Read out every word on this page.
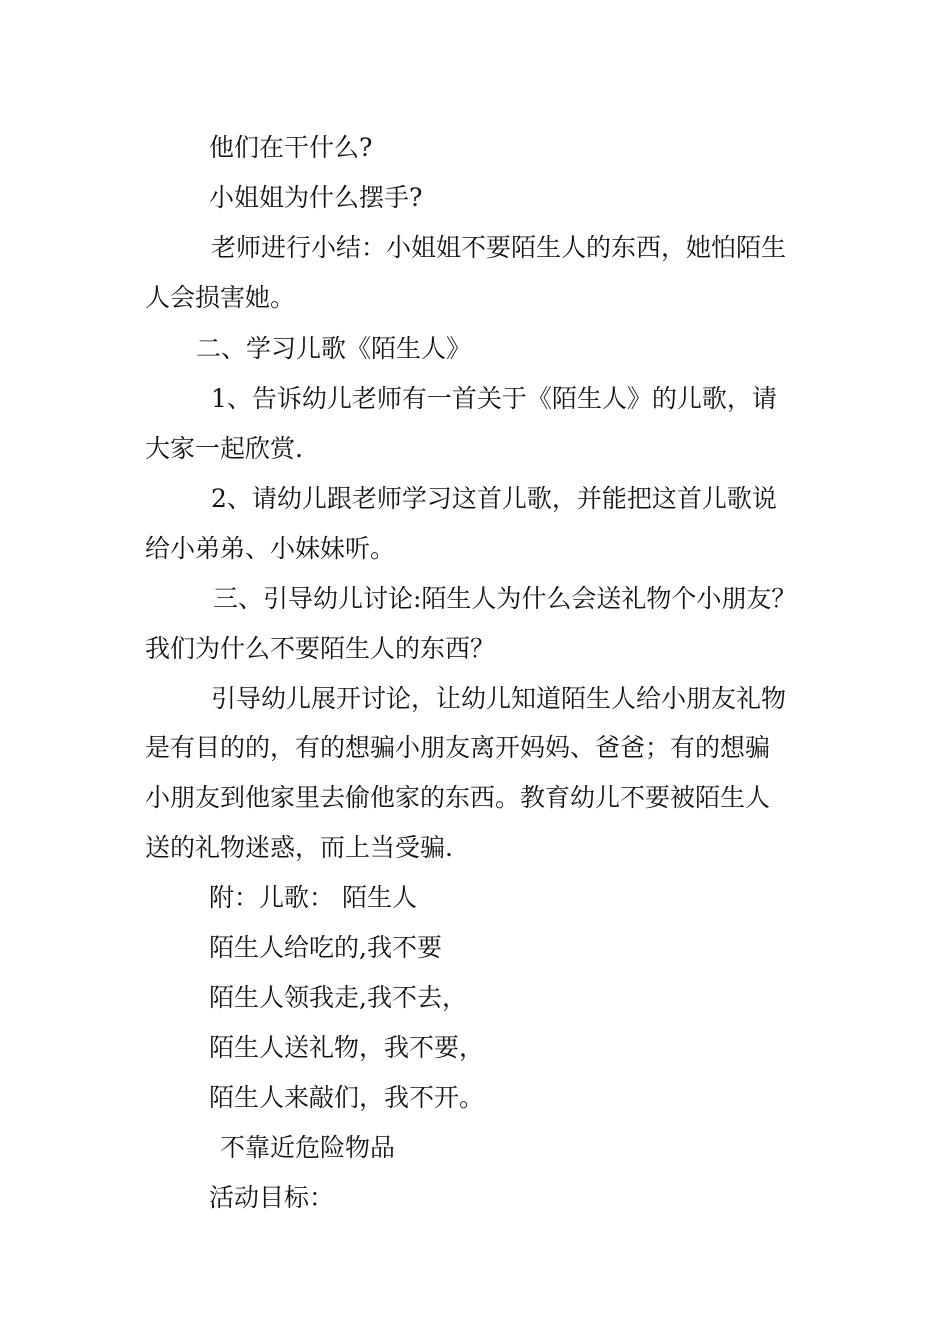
他们在干什么?
小姐姐为什么摆手?
老师进行小结：小姐姐不要陌生人的东西，她怕陌生
人会损害她。
二、学习儿歌《陌生人》
1、告诉幼儿老师有一首关于《陌生人》的儿歌，请
大家一起欣赏.
2、请幼儿跟老师学习这首儿歌，并能把这首儿歌说
给小弟弟、小妹妹听。
三、引导幼儿讨论:陌生人为什么会送礼物个小朋友？
我们为什么不要陌生人的东西？
引导幼儿展开讨论，让幼儿知道陌生人给小朋友礼物
是有目的的，有的想骗小朋友离开妈妈、爸爸；有的想骗
小朋友到他家里去偷他家的东西。教育幼儿不要被陌生人
送的礼物迷惑，而上当受骗.
附：儿歌： 陌生人
陌生人给吃的,我不要
陌生人领我走,我不去，
陌生人送礼物，我不要，
陌生人来敲们，我不开。
不靠近危险物品
活动目标：
